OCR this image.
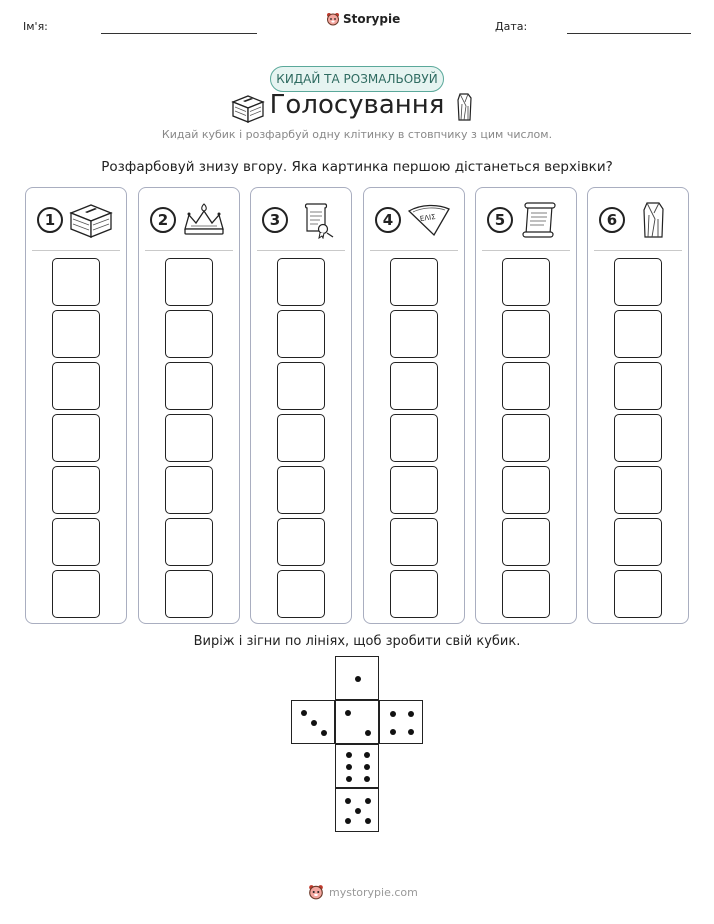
Ім'я:
Storypie
Дата:
КИДАЙ ТА РОЗМАЛЬОВУЙ
Голосування
Кидай кубик і розфарбуй одну клітинку в стовпчику з цим числом.
Розфарбовуй знизу вгору. Яка картинка першою дістанеться верхівки?
1	2	3	4	ΕΛΙΣ	5	6
Виріж і зігни по лініях, щоб зробити свій кубик.
mystorypie.com
